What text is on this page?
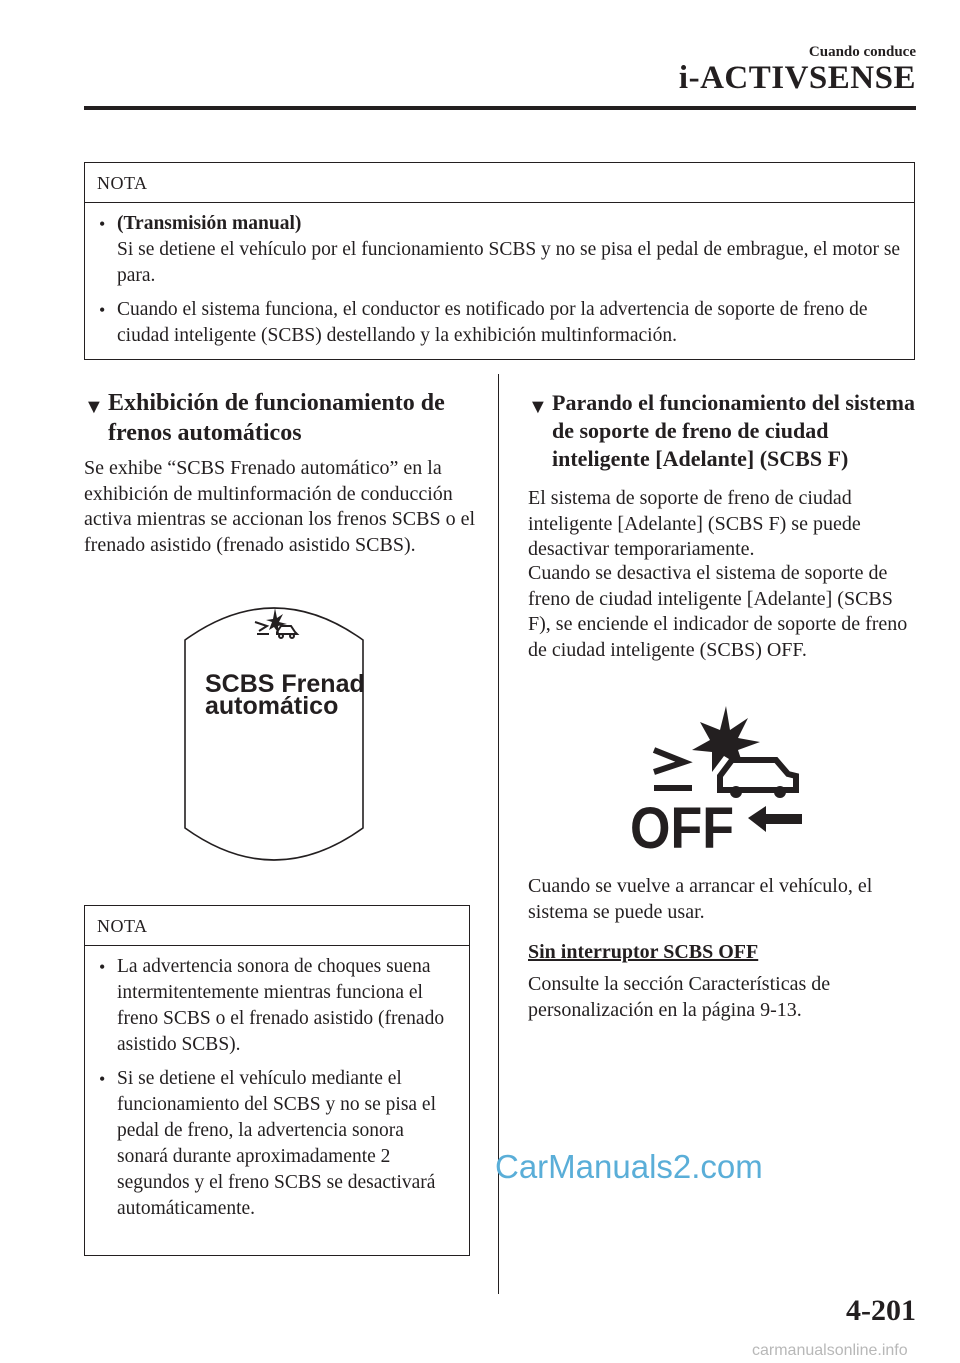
Cuando conduce
i-ACTIVSENSE
NOTA
• (Transmisión manual)
Si se detiene el vehículo por el funcionamiento SCBS y no se pisa el pedal de embrague, el motor se para.
• Cuando el sistema funciona, el conductor es notificado por la advertencia de soporte de freno de ciudad inteligente (SCBS) destellando y la exhibición multinformación.
▼ Exhibición de funcionamiento de frenos automáticos
Se exhibe “SCBS Frenado automático” en la exhibición de multinformación de conducción activa mientras se accionan los frenos SCBS o el frenado asistido (frenado asistido SCBS).
SCBS Frenado
automático
NOTA
• La advertencia sonora de choques suena intermitentemente mientras funciona el freno SCBS o el frenado asistido (frenado asistido SCBS).
• Si se detiene el vehículo mediante el funcionamiento del SCBS y no se pisa el pedal de freno, la advertencia sonora sonará durante aproximadamente 2 segundos y el freno SCBS se desactivará automáticamente.
▼ Parando el funcionamiento del sistema de soporte de freno de ciudad inteligente [Adelante] (SCBS F)
El sistema de soporte de freno de ciudad inteligente [Adelante] (SCBS F) se puede desactivar temporariamente.
Cuando se desactiva el sistema de soporte de freno de ciudad inteligente [Adelante] (SCBS F), se enciende el indicador de soporte de freno de ciudad inteligente (SCBS) OFF.
OFF
Cuando se vuelve a arrancar el vehículo, el sistema se puede usar.
Sin interruptor SCBS OFF
Consulte la sección Características de personalización en la página 9-13.
4-201
CarManuals2.com
carmanualsonline.info
